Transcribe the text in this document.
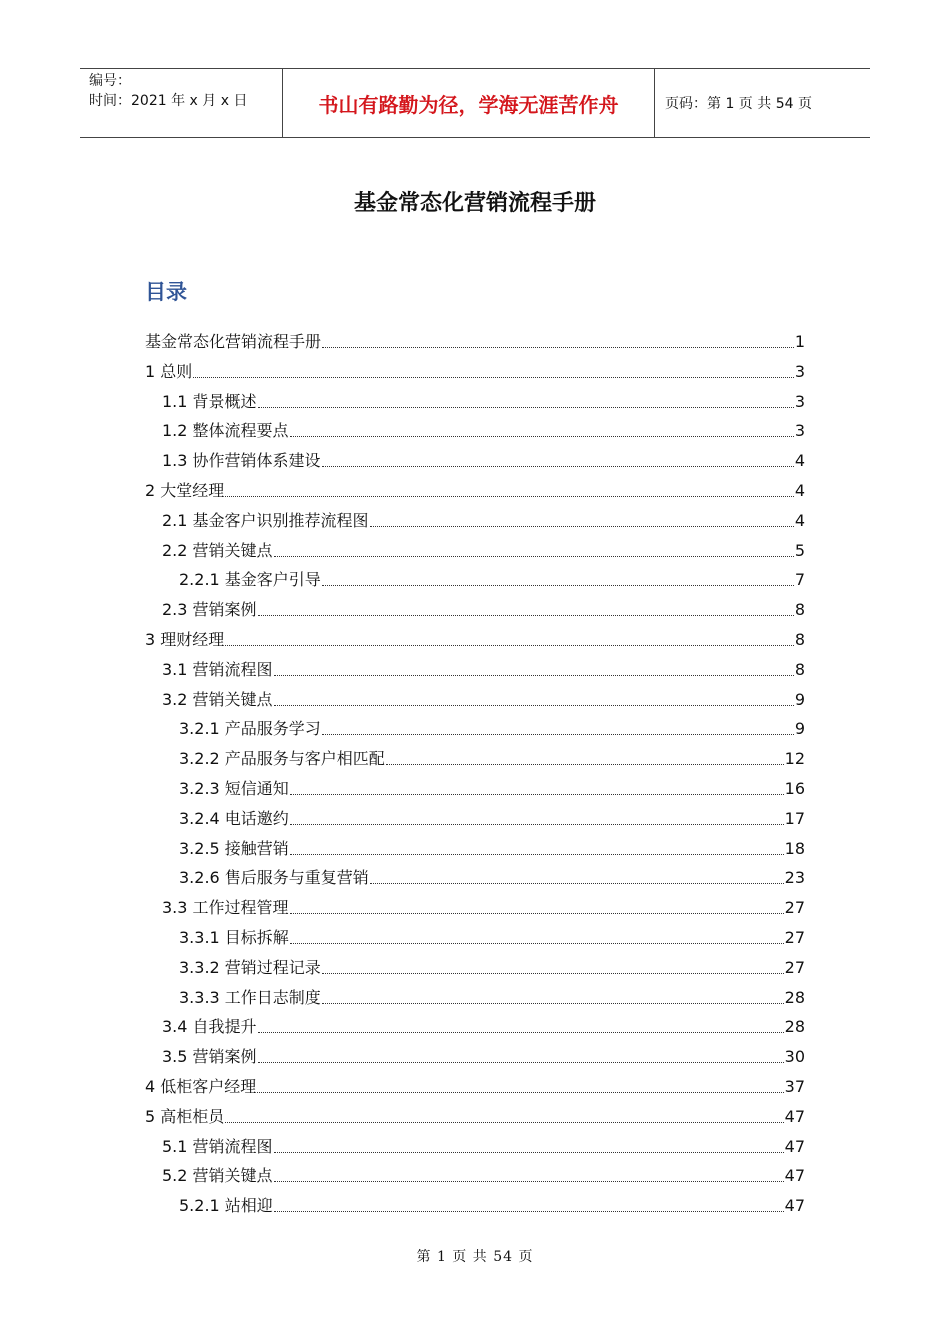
编号：
时间：2021 年 x 月 x 日	书山有路勤为径，学海无涯苦作舟	页码：第 1 页 共 54 页
基金常态化营销流程手册
目录
基金常态化营销流程手册	1
1 总则	3
1.1 背景概述	3
1.2 整体流程要点	3
1.3 协作营销体系建设	4
2 大堂经理	4
2.1 基金客户识别推荐流程图	4
2.2 营销关键点	5
2.2.1 基金客户引导	7
2.3 营销案例	8
3 理财经理	8
3.1 营销流程图	8
3.2 营销关键点	9
3.2.1 产品服务学习	9
3.2.2 产品服务与客户相匹配	12
3.2.3 短信通知	16
3.2.4 电话邀约	17
3.2.5 接触营销	18
3.2.6 售后服务与重复营销	23
3.3 工作过程管理	27
3.3.1 目标拆解	27
3.3.2 营销过程记录	27
3.3.3 工作日志制度	28
3.4 自我提升	28
3.5 营销案例	30
4 低柜客户经理	37
5 高柜柜员	47
5.1 营销流程图	47
5.2 营销关键点	47
5.2.1 站相迎	47
第 1 页 共 54 页
